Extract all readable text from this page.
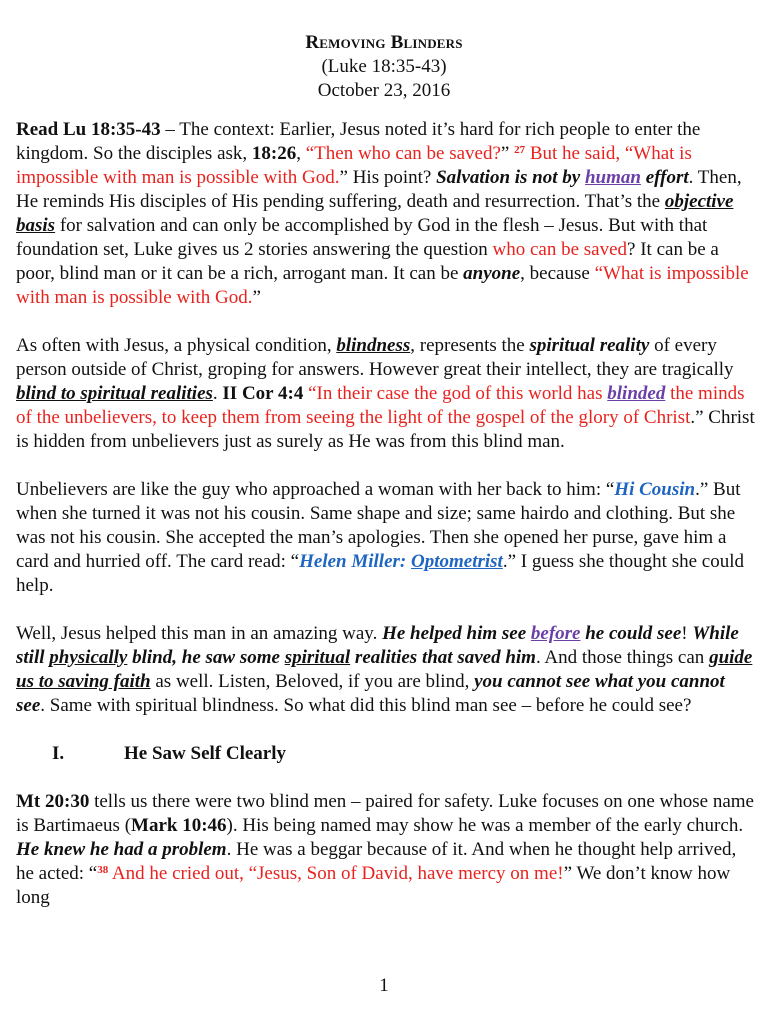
Removing Blinders
(Luke 18:35-43)
October 23, 2016

Read Lu 18:35-43 – The context: Earlier, Jesus noted it’s hard for rich people to enter the kingdom. So the disciples ask, 18:26, “Then who can be saved?” $^{27}$ But he said, “What is impossible with man is possible with God.” His point? Salvation is not by human effort. Then, He reminds His disciples of His pending suffering, death and resurrection. That’s the objective basis for salvation and can only be accomplished by God in the flesh – Jesus. But with that foundation set, Luke gives us 2 stories answering the question who can be saved? It can be a poor, blind man or it can be a rich, arrogant man. It can be anyone, because “What is impossible with man is possible with God.”

As often with Jesus, a physical condition, blindness, represents the spiritual reality of every person outside of Christ, groping for answers. However great their intellect, they are tragically blind to spiritual realities. II Cor 4:4 “In their case the god of this world has blinded the minds of the unbelievers, to keep them from seeing the light of the gospel of the glory of Christ.” Christ is hidden from unbelievers just as surely as He was from this blind man.

Unbelievers are like the guy who approached a woman with her back to him: “Hi Cousin.” But when she turned it was not his cousin. Same shape and size; same hairdo and clothing. But she was not his cousin. She accepted the man’s apologies. Then she opened her purse, gave him a card and hurried off. The card read: “Helen Miller: Optometrist.” I guess she thought she could help.

Well, Jesus helped this man in an amazing way. He helped him see before he could see! While still physically blind, he saw some spiritual realities that saved him. And those things can guide us to saving faith as well. Listen, Beloved, if you are blind, you cannot see what you cannot see. Same with spiritual blindness. So what did this blind man see – before he could see?

I.	He Saw Self Clearly

Mt 20:30 tells us there were two blind men – paired for safety. Luke focuses on one whose name is Bartimaeus (Mark 10:46). His being named may show he was a member of the early church. He knew he had a problem. He was a beggar because of it. And when he thought help arrived, he acted: “$^{38}$ And he cried out, “Jesus, Son of David, have mercy on me!” We don’t know how long

1
